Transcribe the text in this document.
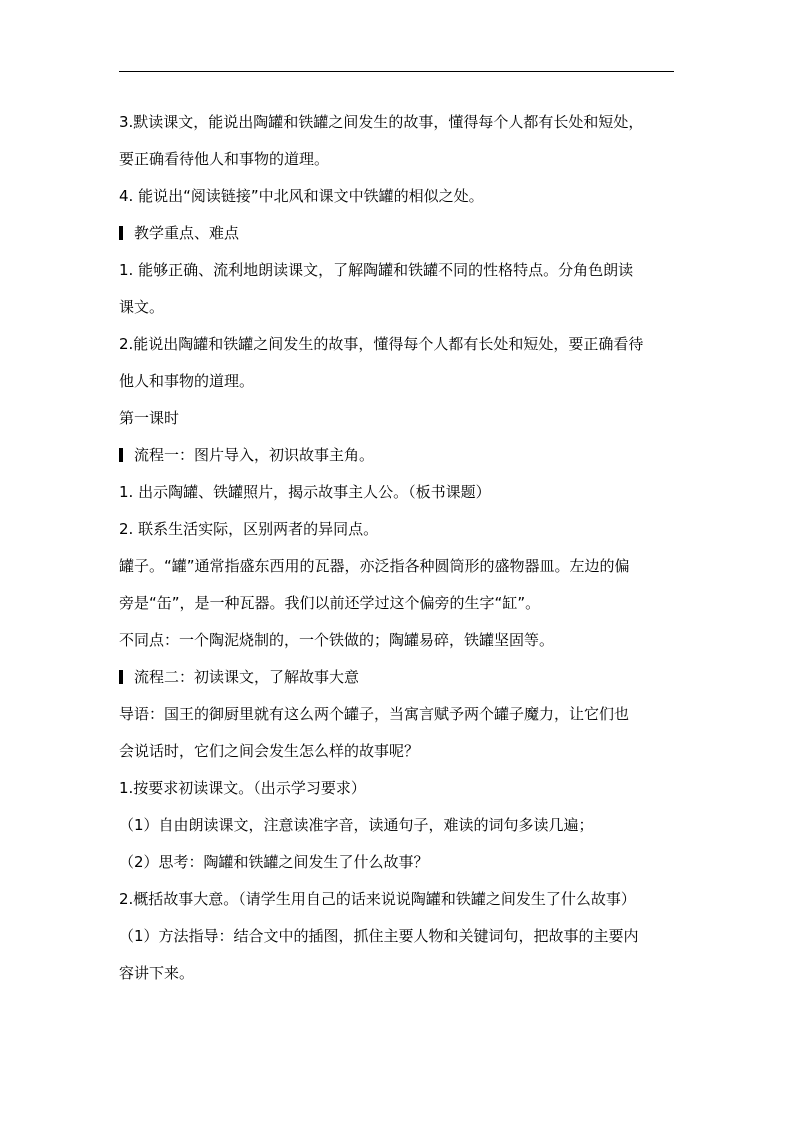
3.默读课文，能说出陶罐和铁罐之间发生的故事，懂得每个人都有长处和短处，
要正确看待他人和事物的道理。
4. 能说出“阅读链接”中北风和课文中铁罐的相似之处。
教学重点、难点
1. 能够正确、流利地朗读课文，了解陶罐和铁罐不同的性格特点。分角色朗读
课文。
2.能说出陶罐和铁罐之间发生的故事，懂得每个人都有长处和短处，要正确看待
他人和事物的道理。
第一课时
流程一：图片导入，初识故事主角。
1. 出示陶罐、铁罐照片，揭示故事主人公。（板书课题）
2. 联系生活实际，区别两者的异同点。
罐子。“罐”通常指盛东西用的瓦器，亦泛指各种圆筒形的盛物器皿。左边的偏
旁是“缶”，是一种瓦器。我们以前还学过这个偏旁的生字“缸”。
不同点：一个陶泥烧制的，一个铁做的；陶罐易碎，铁罐坚固等。
流程二：初读课文，了解故事大意
导语：国王的御厨里就有这么两个罐子，当寓言赋予两个罐子魔力，让它们也
会说话时，它们之间会发生怎么样的故事呢？
1.按要求初读课文。（出示学习要求）
（1）自由朗读课文，注意读准字音，读通句子，难读的词句多读几遍；
（2）思考：陶罐和铁罐之间发生了什么故事？
2.概括故事大意。（请学生用自己的话来说说陶罐和铁罐之间发生了什么故事）
（1）方法指导：结合文中的插图，抓住主要人物和关键词句，把故事的主要内
容讲下来。
